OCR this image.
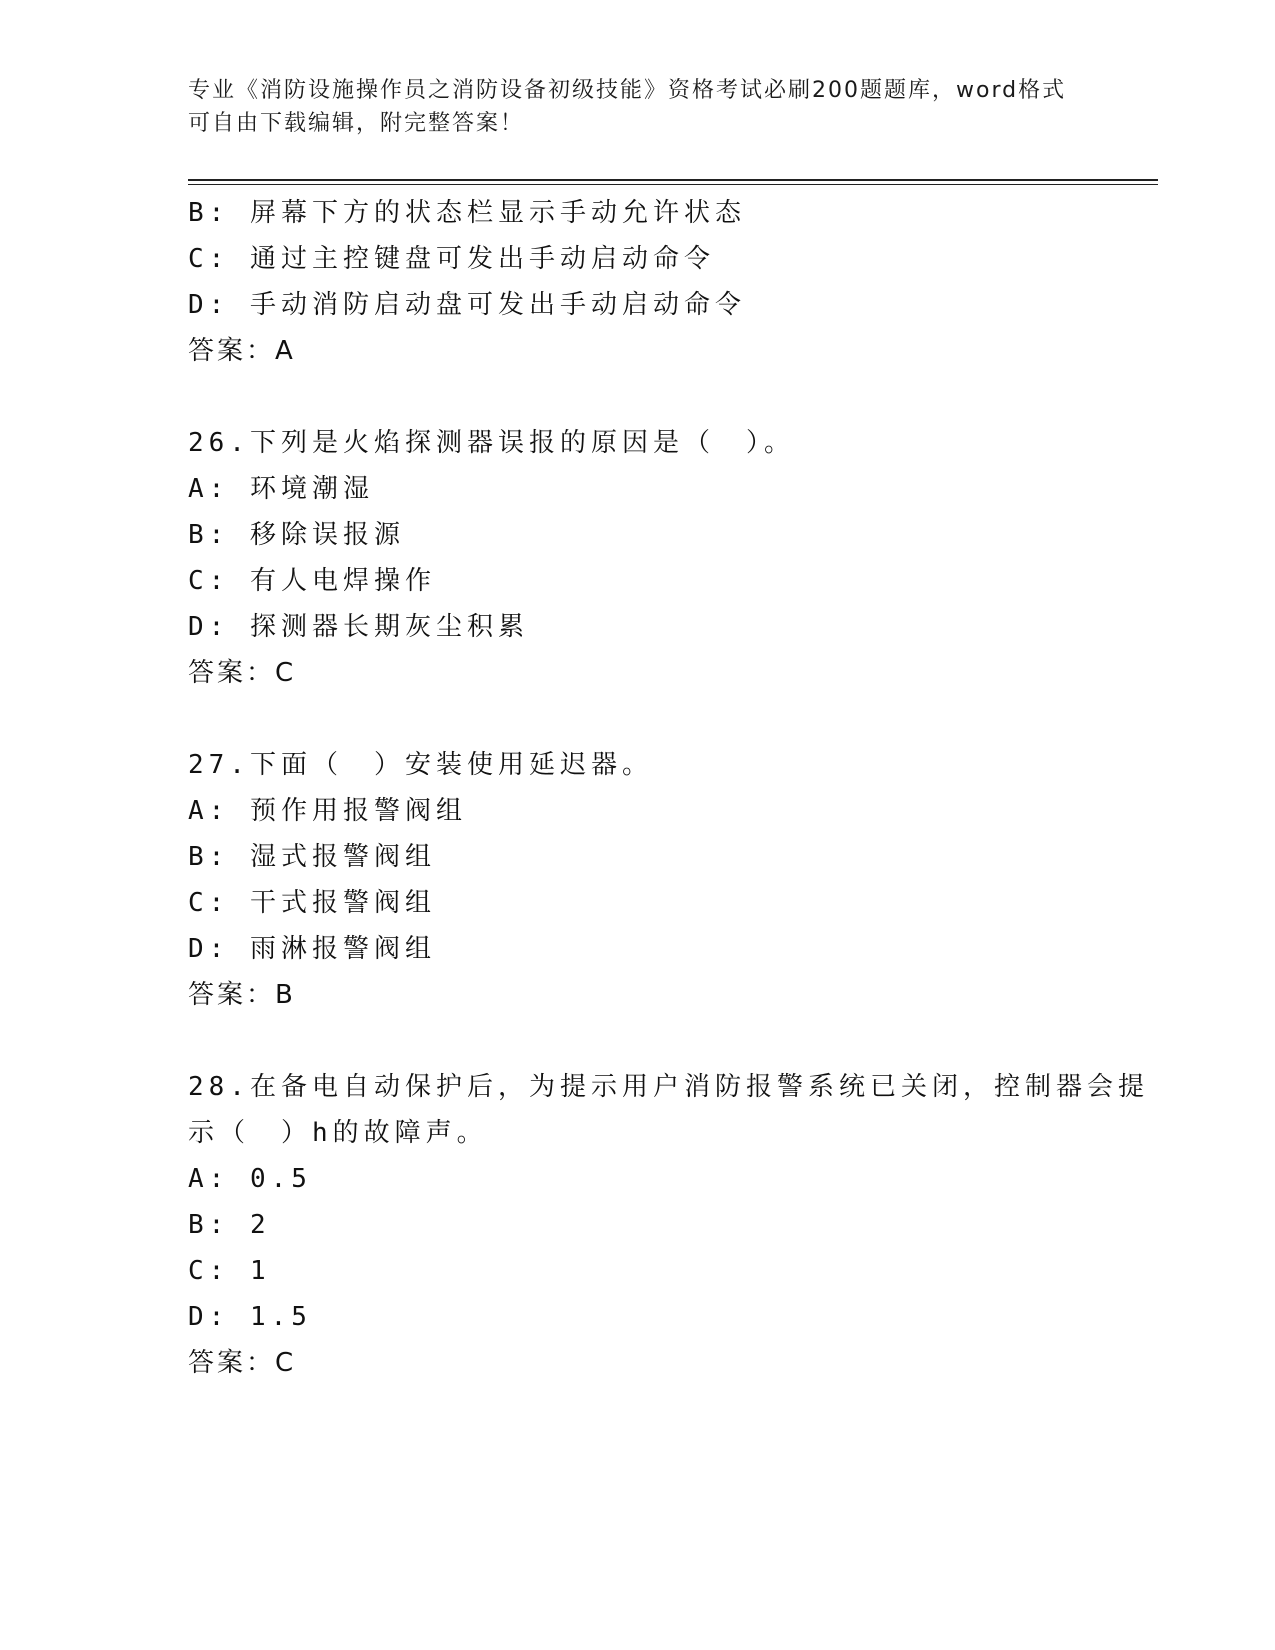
专业《消防设施操作员之消防设备初级技能》资格考试必刷200题题库，word格式可自由下载编辑，附完整答案！
B: 屏幕下方的状态栏显示手动允许状态
C: 通过主控键盘可发出手动启动命令
D: 手动消防启动盘可发出手动启动命令
答案：A
26.下列是火焰探测器误报的原因是（　）。
A: 环境潮湿
B: 移除误报源
C: 有人电焊操作
D: 探测器长期灰尘积累
答案：C
27.下面（　）安装使用延迟器。
A: 预作用报警阀组
B: 湿式报警阀组
C: 干式报警阀组
D: 雨淋报警阀组
答案：B
28.在备电自动保护后，为提示用户消防报警系统已关闭，控制器会提
示（　）h的故障声。
A: 0.5
B: 2
C: 1
D: 1.5
答案：C
